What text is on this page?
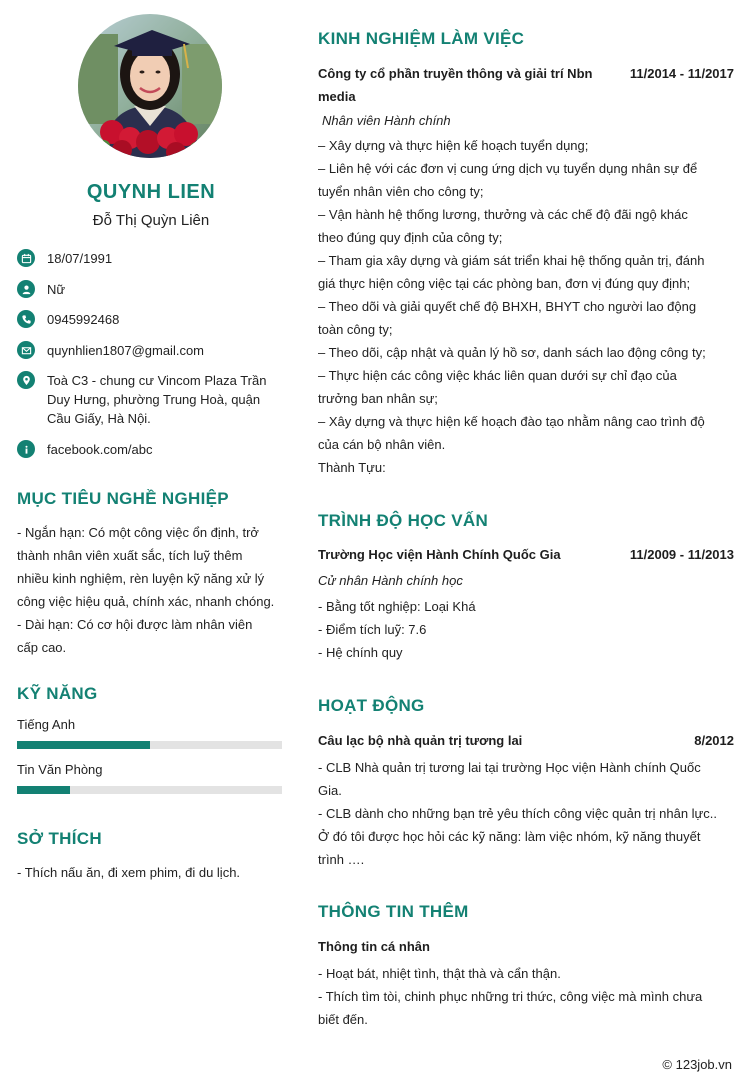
QUYNH LIEN
Đỗ Thị Quỳn Liên
18/07/1991
Nữ
0945992468
quynhlien1807@gmail.com
Toà C3 - chung cư Vincom Plaza Trần
Duy Hưng, phường Trung Hoà, quận
Cầu Giấy, Hà Nội.
facebook.com/abc
MỤC TIÊU NGHỀ NGHIỆP
- Ngắn hạn: Có một công việc ổn định, trở
thành nhân viên xuất sắc, tích luỹ thêm
nhiều kinh nghiệm, rèn luyện kỹ năng xử lý
công việc hiệu quả, chính xác, nhanh chóng.
- Dài hạn: Có cơ hội được làm nhân viên
cấp cao.
KỸ NĂNG
Tiếng Anh
Tin Văn Phòng
SỞ THÍCH
- Thích nấu ăn, đi xem phim, đi du lịch.
KINH NGHIỆM LÀM VIỆC
Công ty cổ phần truyền thông và giải trí Nbn
media
11/2014 - 11/2017
Nhân viên Hành chính
– Xây dựng và thực hiện kế hoạch tuyển dụng;
– Liên hệ với các đơn vị cung ứng dịch vụ tuyển dụng nhân sự để
tuyển nhân viên cho công ty;
– Vận hành hệ thống lương, thưởng và các chế độ đãi ngộ khác
theo đúng quy định của công ty;
– Tham gia xây dựng và giám sát triển khai hệ thống quản trị, đánh
giá thực hiện công việc tại các phòng ban, đơn vị đúng quy định;
– Theo dõi và giải quyết chế độ BHXH, BHYT cho người lao động
toàn công ty;
– Theo dõi, cập nhật và quản lý hồ sơ, danh sách lao động công ty;
– Thực hiện các công việc khác liên quan dưới sự chỉ đạo của
trưởng ban nhân sự;
– Xây dựng và thực hiện kế hoạch đào tạo nhằm nâng cao trình độ
của cán bộ nhân viên.
Thành Tựu:
TRÌNH ĐỘ HỌC VẤN
Trường Học viện Hành Chính Quốc Gia	11/2009 - 11/2013
Cử nhân Hành chính học
- Bằng tốt nghiệp: Loại Khá
- Điểm tích luỹ: 7.6
- Hệ chính quy
HOẠT ĐỘNG
Câu lạc bộ nhà quản trị tương lai	8/2012
- CLB Nhà quản trị tương lai tại trường Học viện Hành chính Quốc
Gia.
- CLB dành cho những bạn trẻ yêu thích công việc quản trị nhân lực..
Ở đó tôi được học hỏi các kỹ năng: làm việc nhóm, kỹ năng thuyết
trình ….
THÔNG TIN THÊM
Thông tin cá nhân
- Hoạt bát, nhiệt tình, thật thà và cẩn thận.
- Thích tìm tòi, chinh phục những tri thức, công việc mà mình chưa
biết đến.
© 123job.vn
